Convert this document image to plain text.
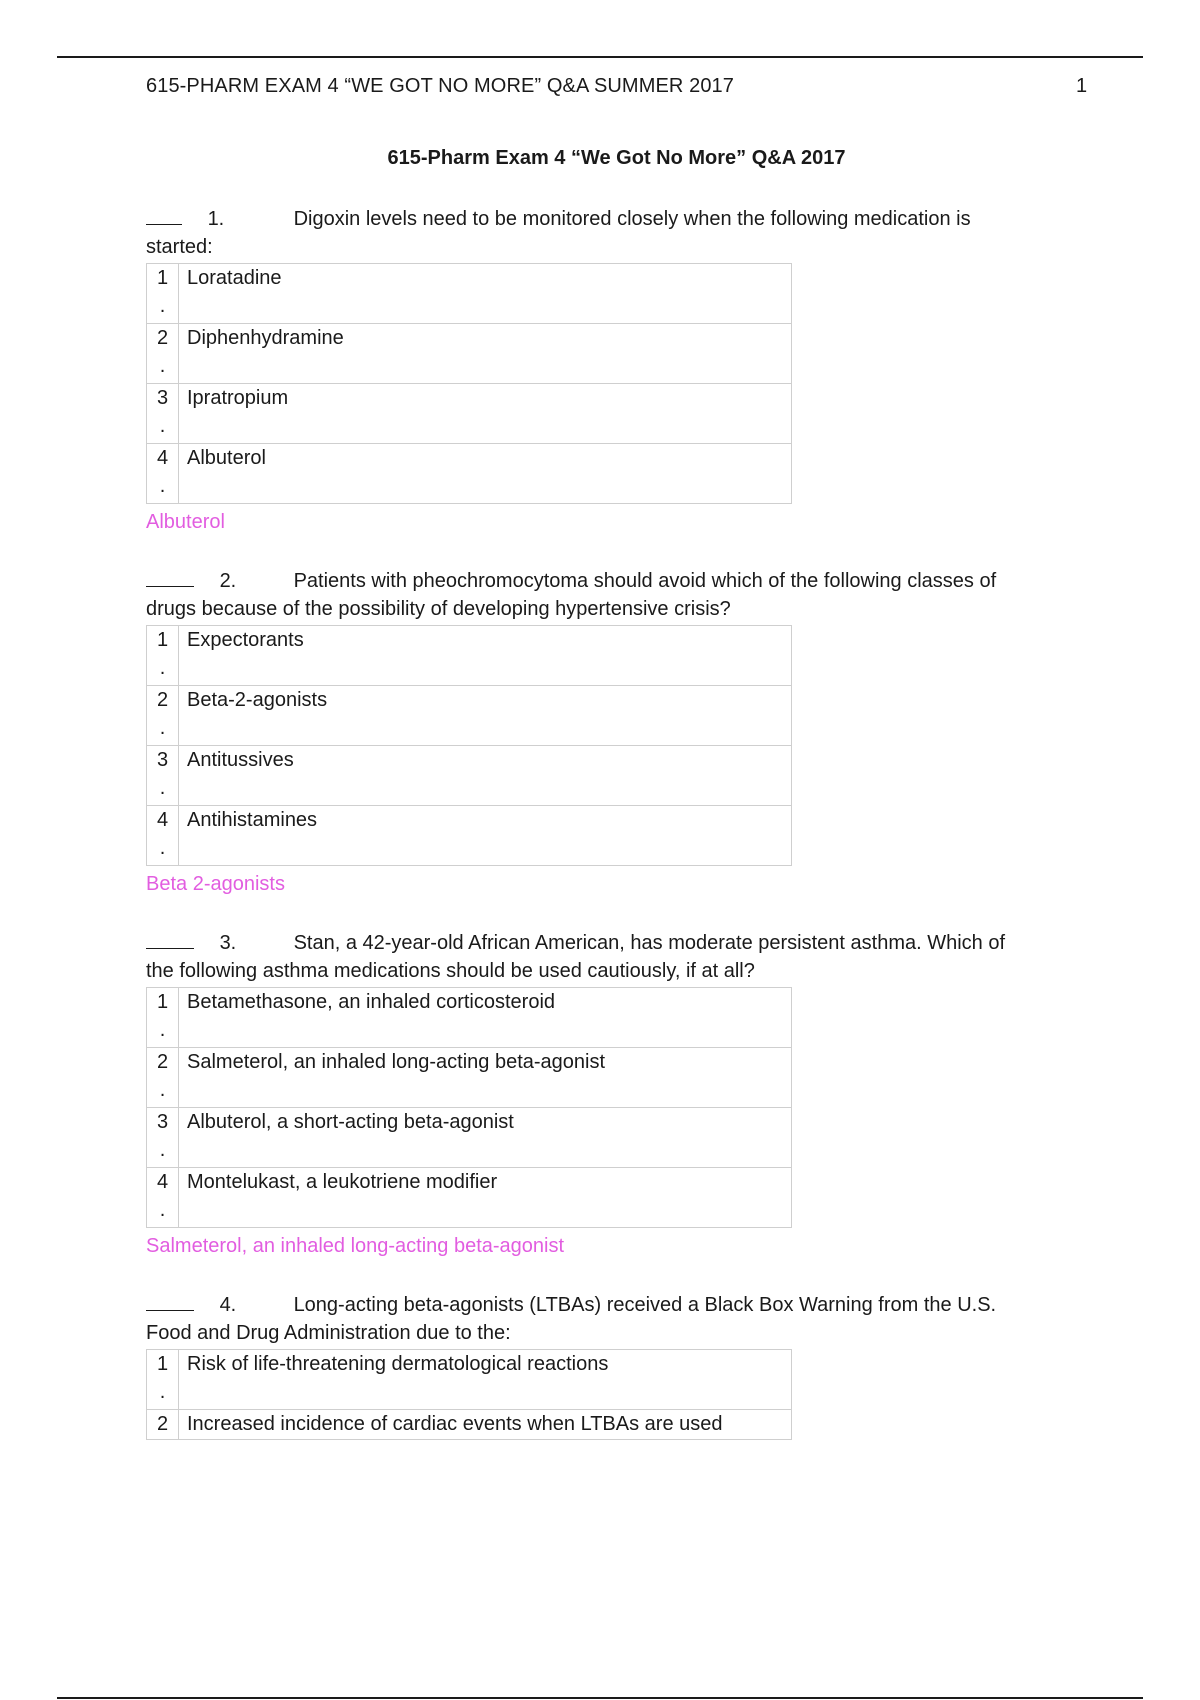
615-PHARM EXAM 4 “WE GOT NO MORE” Q&A SUMMER 2017	1
615-Pharm Exam 4 “We Got No More” Q&A 2017

1.	Digoxin levels need to be monitored closely when the following medication is
started:

1
.	Loratadine

2
.	Diphenhydramine

3
.	Ipratropium

4
.	Albuterol
Albuterol

2.	Patients with pheochromocytoma should avoid which of the following classes of
drugs because of the possibility of developing hypertensive crisis?

1
.	Expectorants

2
.	Beta-2-agonists

3
.	Antitussives

4
.	Antihistamines
Beta 2-agonists

3.	Stan, a 42-year-old African American, has moderate persistent asthma. Which of
the following asthma medications should be used cautiously, if at all?

1
.	Betamethasone, an inhaled corticosteroid

2
.	Salmeterol, an inhaled long-acting beta-agonist

3
.	Albuterol, a short-acting beta-agonist

4
.	Montelukast, a leukotriene modifier
Salmeterol, an inhaled long-acting beta-agonist

4.	Long-acting beta-agonists (LTBAs) received a Black Box Warning from the U.S.
Food and Drug Administration due to the:

1
.	Risk of life-threatening dermatological reactions

2	Increased incidence of cardiac events when LTBAs are used
